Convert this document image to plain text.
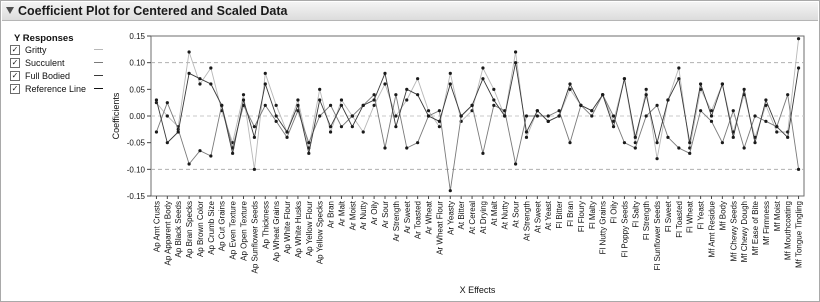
Coefficient Plot for Centered and Scaled Data
Y Responses
✓ Gritty
✓ Succulent
✓ Full Bodied
✓ Reference Line
-0.15
-0.10
-0.05
0.00
0.05
0.10
0.15
Coefficients
Ap Amt Crusts Ap Apparent Body Ap Black Seeds Ap Bran Specks Ap Brown Color Ap Crumb Size Ap Cut Grains Ap Even Texture Ap Open Texture Ap Sunflower Seeds Ap Thickness Ap Wheat Grains Ap White Flour Ap White Husks Ap Yellow Flour Ap Yellow Specks Ar Bran Ar Malt Ar Moist Ar Nutty Ar Oily Ar Sour Ar Strength Ar Sweet Ar Toasted Ar Wheat Ar Wheat Flour Ar Yeasty At Bitter At Cereal At Drying At Malt At Nutty At Sour At Strength At Sweet At Yeast Fl Bitter Fl Bran Fl Floury Fl Malty Fl Nutty Grains Fl Oily Fl Poppy Seeds Fl Salty Fl Strength Fl Sunflower Seeds Fl Sweet Fl Toasted Fl Wheat Fl Yeast Mf Amt Residue Mf Body Mf Chewy Seeds Mf Chewy Dough Mf Ease of Bite Mf Firmness Mf Moist Mf Mouthcoating Mf Tongue Tingling
X Effects
